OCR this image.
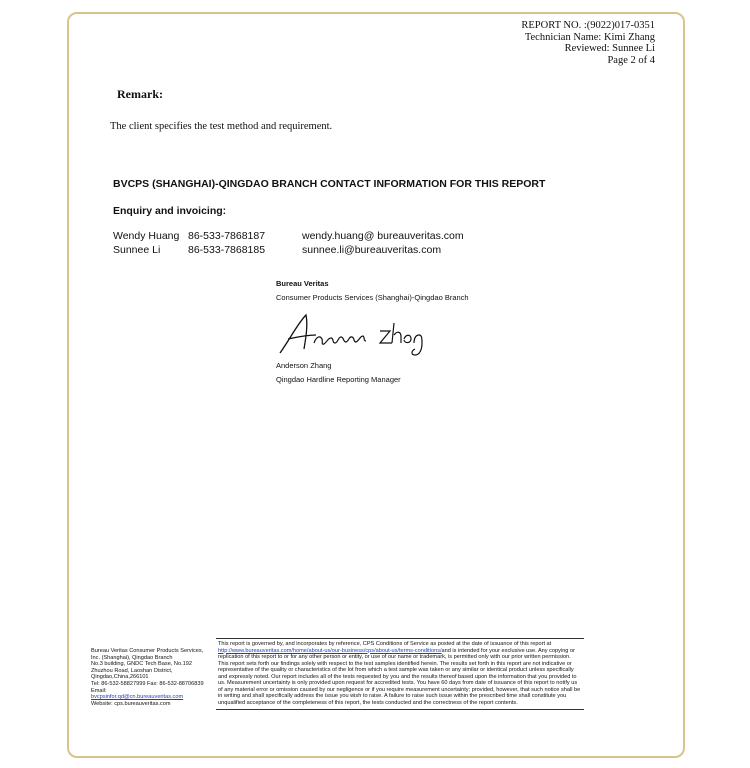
REPORT NO. :(9022)017-0351
Technician Name: Kimi Zhang
Reviewed: Sunnee Li
Page 2 of 4
Remark:
The client specifies the test method and requirement.
BVCPS (SHANGHAI)-QINGDAO BRANCH CONTACT INFORMATION FOR THIS REPORT
Enquiry and invoicing:
Wendy Huang 86-533-7868187	wendy.huang@ bureauveritas.com
Sunnee Li	86-533-7868185	sunnee.li@bureauveritas.com
Bureau Veritas
Consumer Products Services (Shanghai)-Qingdao Branch
Anderson Zhang
Qingdao Hardline Reporting Manager
Bureau Veritas Consumer Products Services, Inc. (Shanghai), Qingdao Branch
No.3 building, GNDC Tech Base, No.192 Zhuzhou Road, Laoshan District, Qingdao,China,266101
Tel: 86-532-58827999 Fax: 86-532-88706839
Email:
bvcpsinfor.qd@cn.bureauveritas.com
Website: cps.bureauveritas.com
This report is governed by, and incorporates by reference, CPS Conditions of Service as posted at the date of issuance of this report at http://www.bureauveritas.com/home/about-us/our-business/cps/about-us/terms-conditions/and is intended for your exclusive use. Any copying or replication of this report to or for any other person or entity, or use of our name or trademark, is permitted only with our prior written permission. This report sets forth our findings solely with respect to the test samples identified herein. The results set forth in this report are not indicative or representative of the quality or characteristics of the lot from which a test sample was taken or any similar or identical product unless specifically and expressly noted. Our report includes all of the tests requested by you and the results thereof based upon the information that you provided to us. Measurement uncertainty is only provided upon request for accredited tests. You have 60 days from date of issuance of this report to notify us of any material error or omission caused by our negligence or if you require measurement uncertainty; provided, however, that such notice shall be in writing and shall specifically address the issue you wish to raise. A failure to raise such issue within the prescribed time shall constitute you unqualified acceptance of the completeness of this report, the tests conducted and the correctness of the report contents.
